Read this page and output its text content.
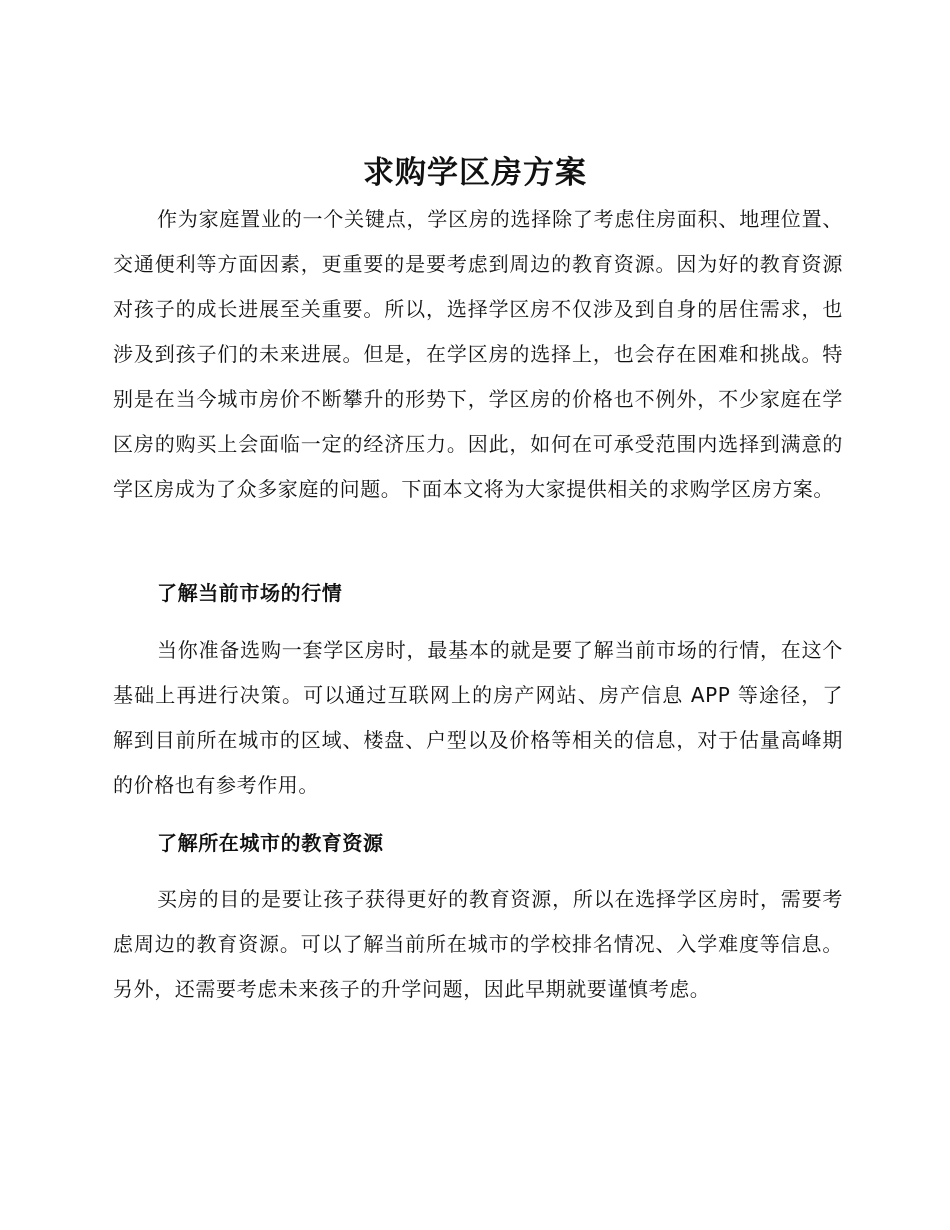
求购学区房方案

作为家庭置业的一个关键点，学区房的选择除了考虑住房面积、地理位置、交通便利等方面因素，更重要的是要考虑到周边的教育资源。因为好的教育资源对孩子的成长进展至关重要。所以，选择学区房不仅涉及到自身的居住需求，也涉及到孩子们的未来进展。但是，在学区房的选择上，也会存在困难和挑战。特别是在当今城市房价不断攀升的形势下，学区房的价格也不例外，不少家庭在学区房的购买上会面临一定的经济压力。因此，如何在可承受范围内选择到满意的学区房成为了众多家庭的问题。下面本文将为大家提供相关的求购学区房方案。

了解当前市场的行情

当你准备选购一套学区房时，最基本的就是要了解当前市场的行情，在这个基础上再进行决策。可以通过互联网上的房产网站、房产信息 APP 等途径，了解到目前所在城市的区域、楼盘、户型以及价格等相关的信息，对于估量高峰期的价格也有参考作用。

了解所在城市的教育资源

买房的目的是要让孩子获得更好的教育资源，所以在选择学区房时，需要考虑周边的教育资源。可以了解当前所在城市的学校排名情况、入学难度等信息。另外，还需要考虑未来孩子的升学问题，因此早期就要谨慎考虑。
